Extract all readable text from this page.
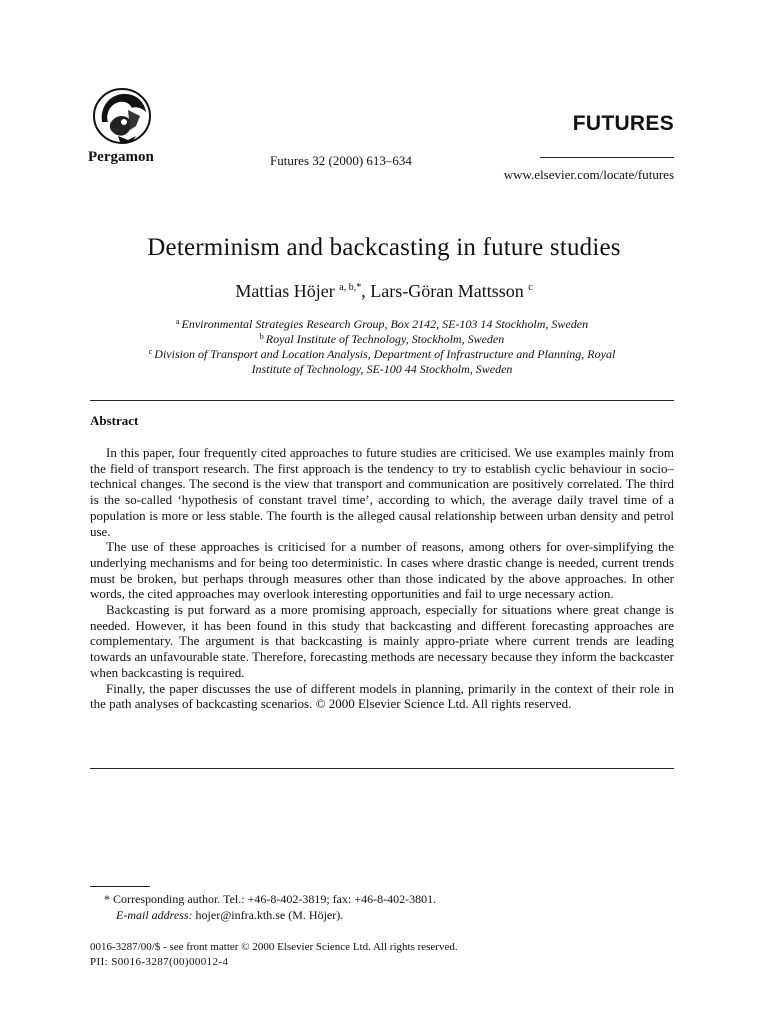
Pergamon	Futures 32 (2000) 613–634
FUTURES
www.elsevier.com/locate/futures
Determinism and backcasting in future studies
Mattias Höjer $^{a, b,*}$, Lars-Göran Mattsson $^c$
$^a$ Environmental Strategies Research Group, Box 2142, SE-103 14 Stockholm, Sweden
$^b$ Royal Institute of Technology, Stockholm, Sweden
$^c$ Division of Transport and Location Analysis, Department of Infrastructure and Planning, Royal
Institute of Technology, SE-100 44 Stockholm, Sweden
Abstract

In this paper, four frequently cited approaches to future studies are criticised. We use examples mainly from the field of transport research. The first approach is the tendency to try to establish cyclic behaviour in socio–technical changes. The second is the view that transport and communication are positively correlated. The third is the so-called ‘hypothesis of constant travel time’, according to which, the average daily travel time of a population is more or less stable. The fourth is the alleged causal relationship between urban density and petrol use.

The use of these approaches is criticised for a number of reasons, among others for over-simplifying the underlying mechanisms and for being too deterministic. In cases where drastic change is needed, current trends must be broken, but perhaps through measures other than those indicated by the above approaches. In other words, the cited approaches may overlook interesting opportunities and fail to urge necessary action.

Backcasting is put forward as a more promising approach, especially for situations where great change is needed. However, it has been found in this study that backcasting and different forecasting approaches are complementary. The argument is that backcasting is mainly appro-priate where current trends are leading towards an unfavourable state. Therefore, forecasting methods are necessary because they inform the backcaster when backcasting is required.

Finally, the paper discusses the use of different models in planning, primarily in the context of their role in the path analyses of backcasting scenarios. © 2000 Elsevier Science Ltd. All rights reserved.

* Corresponding author. Tel.: +46-8-402-3819; fax: +46-8-402-3801.
E-mail address: hojer@infra.kth.se (M. Höjer).
0016-3287/00/$ - see front matter © 2000 Elsevier Science Ltd. All rights reserved.
PII: S0016-3287(00)00012-4
